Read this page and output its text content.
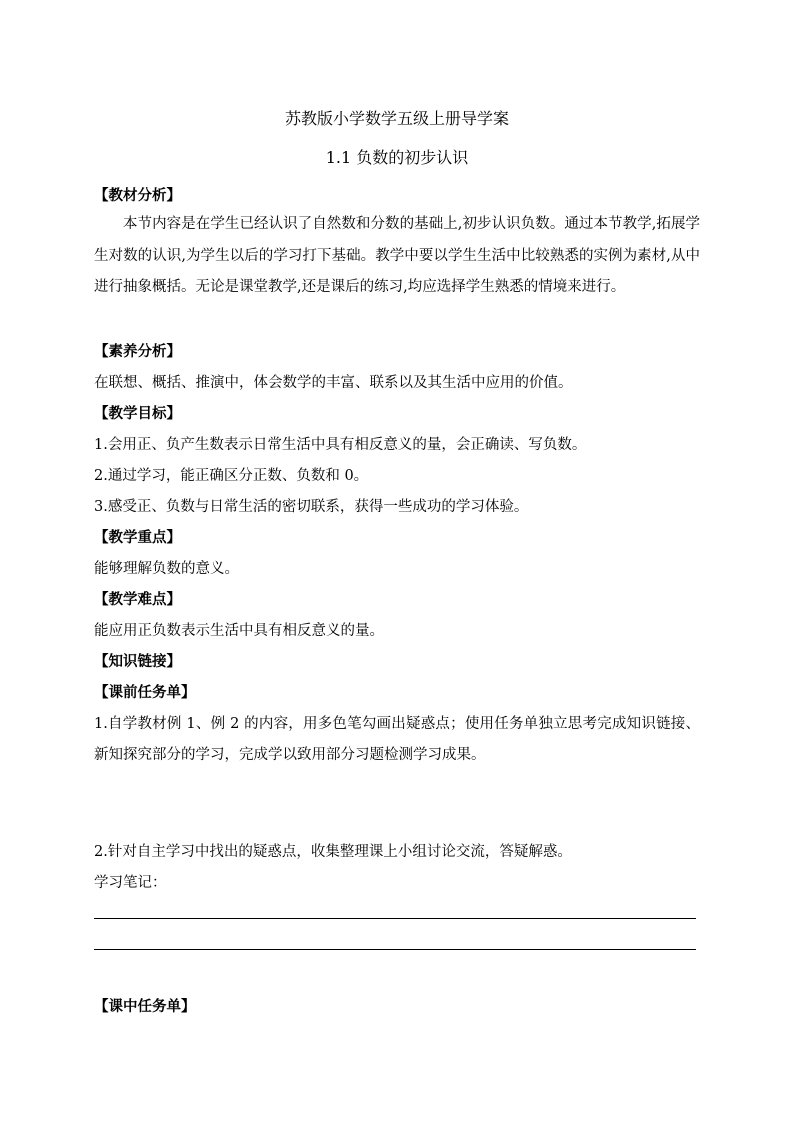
苏教版小学数学五级上册导学案
1.1 负数的初步认识
【教材分析】
本节内容是在学生已经认识了自然数和分数的基础上,初步认识负数。通过本节教学,拓展学生对数的认识,为学生以后的学习打下基础。教学中要以学生生活中比较熟悉的实例为素材,从中进行抽象概括。无论是课堂教学,还是课后的练习,均应选择学生熟悉的情境来进行。
【素养分析】
在联想、概括、推演中，体会数学的丰富、联系以及其生活中应用的价值。
【教学目标】
1.会用正、负产生数表示日常生活中具有相反意义的量，会正确读、写负数。
2.通过学习，能正确区分正数、负数和 0。
3.感受正、负数与日常生活的密切联系，获得一些成功的学习体验。
【教学重点】
能够理解负数的意义。
【教学难点】
能应用正负数表示生活中具有相反意义的量。
【知识链接】
【课前任务单】
1.自学教材例 1、例 2 的内容，用多色笔勾画出疑惑点；使用任务单独立思考完成知识链接、新知探究部分的学习，完成学以致用部分习题检测学习成果。
2.针对自主学习中找出的疑惑点，收集整理课上小组讨论交流，答疑解惑。
学习笔记：
【课中任务单】
